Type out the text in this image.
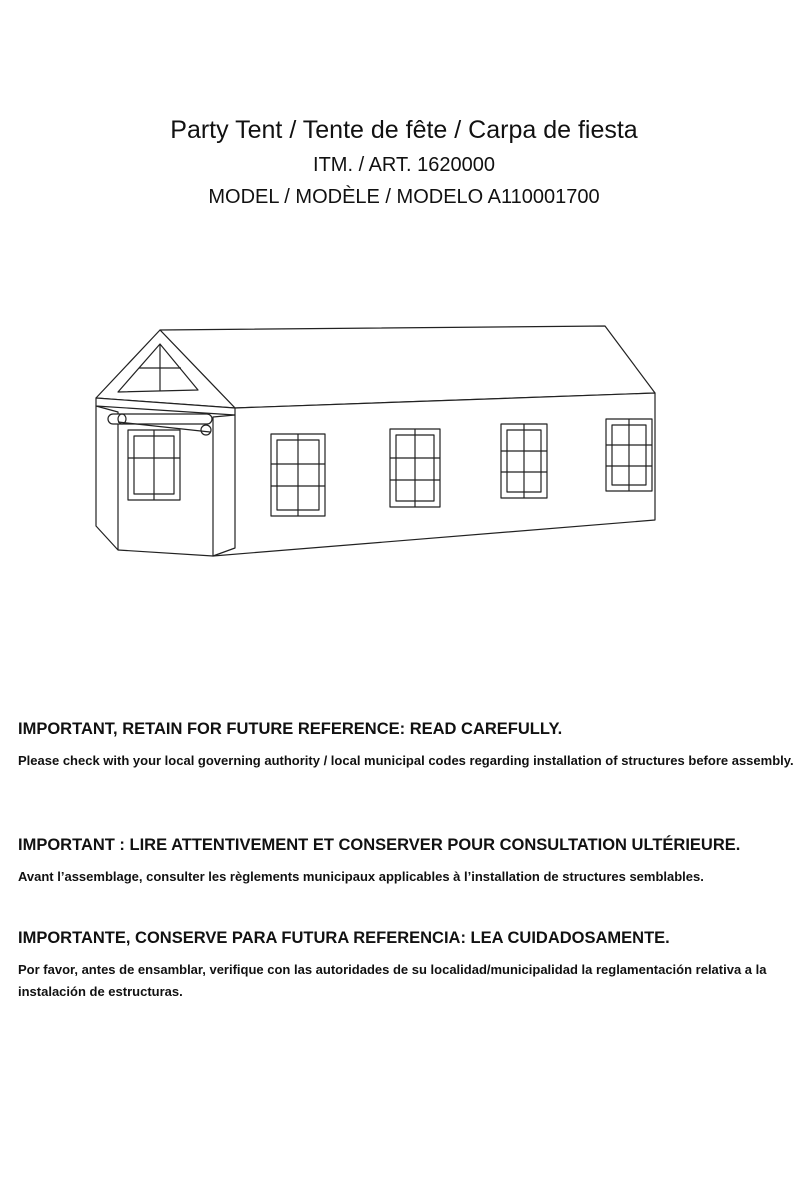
Party Tent / Tente de fête / Carpa de fiesta
ITM. / ART. 1620000
MODEL / MODÈLE / MODELO A110001700
IMPORTANT, RETAIN FOR FUTURE REFERENCE: READ CAREFULLY.

Please check with your local governing authority / local municipal codes regarding installation of structures before assembly.

IMPORTANT : LIRE ATTENTIVEMENT ET CONSERVER POUR CONSULTATION ULTÉRIEURE.

Avant l’assemblage, consulter les règlements municipaux applicables à l’installation de structures semblables.

IMPORTANTE, CONSERVE PARA FUTURA REFERENCIA: LEA CUIDADOSAMENTE.

Por favor, antes de ensamblar, verifique con las autoridades de su localidad/municipalidad la reglamentación relativa a la instalación de estructuras.
